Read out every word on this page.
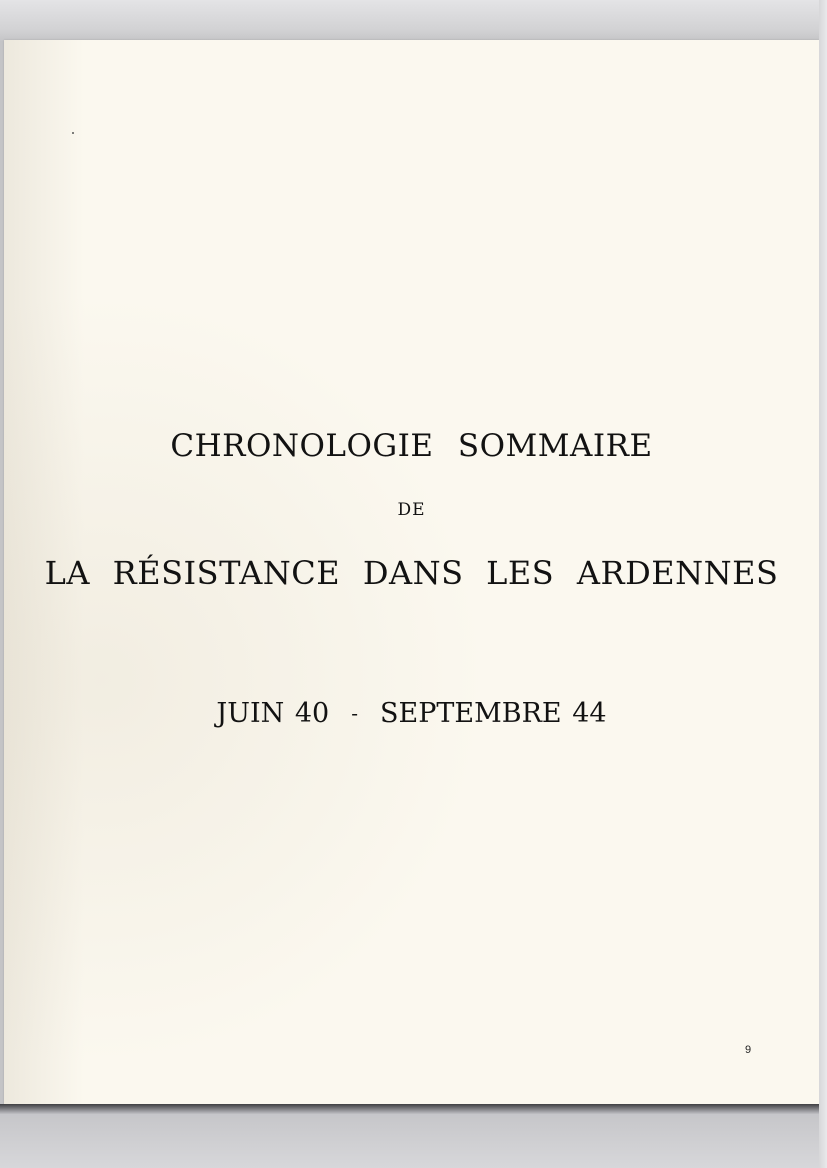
CHRONOLOGIE SOMMAIRE
DE
LA RÉSISTANCE DANS LES ARDENNES
JUIN 40 - SEPTEMBRE 44
9
